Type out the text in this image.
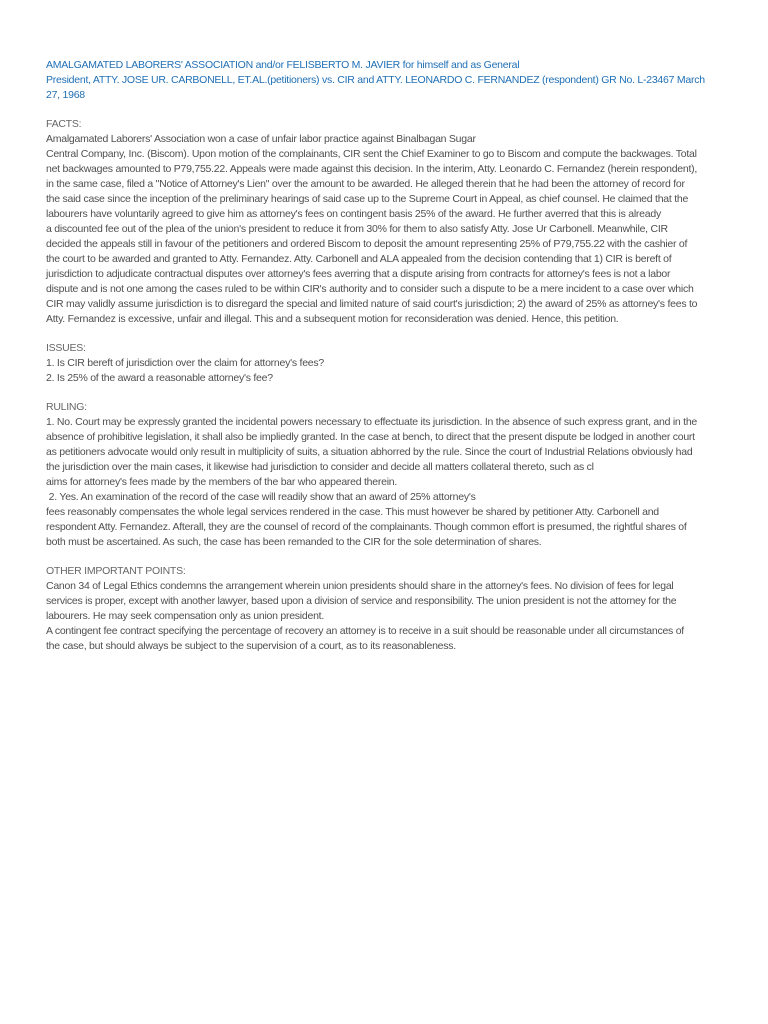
AMALGAMATED LABORERS' ASSOCIATION and/or FELISBERTO M. JAVIER for himself and as General
President, ATTY. JOSE UR. CARBONELL, ET.AL.(petitioners) vs. CIR and ATTY. LEONARDO C. FERNANDEZ (respondent) GR No. L-23467 March
27, 1968

FACTS:

Amalgamated Laborers' Association won a case of unfair labor practice against Binalbagan Sugar
Central Company, Inc. (Biscom). Upon motion of the complainants, CIR sent the Chief Examiner to go to Biscom and compute the backwages. Total
net backwages amounted to P79,755.22. Appeals were made against this decision. In the interim, Atty. Leonardo C. Fernandez (herein respondent),
in the same case, filed a "Notice of Attorney's Lien" over the amount to be awarded. He alleged therein that he had been the attorney of record for
the said case since the inception of the preliminary hearings of said case up to the Supreme Court in Appeal, as chief counsel. He claimed that the
labourers have voluntarily agreed to give him as attorney's fees on contingent basis 25% of the award. He further averred that this is already
a discounted fee out of the plea of the union's president to reduce it from 30% for them to also satisfy Atty. Jose Ur Carbonell. Meanwhile, CIR
decided the appeals still in favour of the petitioners and ordered Biscom to deposit the amount representing 25% of P79,755.22 with the cashier of
the court to be awarded and granted to Atty. Fernandez. Atty. Carbonell and ALA appealed from the decision contending that 1) CIR is bereft of
jurisdiction to adjudicate contractual disputes over attorney's fees averring that a dispute arising from contracts for attorney's fees is not a labor
dispute and is not one among the cases ruled to be within CIR's authority and to consider such a dispute to be a mere incident to a case over which
CIR may validly assume jurisdiction is to disregard the special and limited nature of said court's jurisdiction; 2) the award of 25% as attorney's fees to
Atty. Fernandez is excessive, unfair and illegal. This and a subsequent motion for reconsideration was denied. Hence, this petition.

ISSUES:

1. Is CIR bereft of jurisdiction over the claim for attorney's fees?
2. Is 25% of the award a reasonable attorney's fee?

RULING:

1. No. Court may be expressly granted the incidental powers necessary to effectuate its jurisdiction. In the absence of such express grant, and in the
absence of prohibitive legislation, it shall also be impliedly granted. In the case at bench, to direct that the present dispute be lodged in another court
as petitioners advocate would only result in multiplicity of suits, a situation abhorred by the rule. Since the court of Industrial Relations obviously had
the jurisdiction over the main cases, it likewise had jurisdiction to consider and decide all matters collateral thereto, such as cl
aims for attorney's fees made by the members of the bar who appeared therein.
2. Yes. An examination of the record of the case will readily show that an award of 25% attorney's
fees reasonably compensates the whole legal services rendered in the case. This must however be shared by petitioner Atty. Carbonell and
respondent Atty. Fernandez. Afterall, they are the counsel of record of the complainants. Though common effort is presumed, the rightful shares of
both must be ascertained. As such, the case has been remanded to the CIR for the sole determination of shares.

OTHER IMPORTANT POINTS:

Canon 34 of Legal Ethics condemns the arrangement wherein union presidents should share in the attorney's fees. No division of fees for legal
services is proper, except with another lawyer, based upon a division of service and responsibility. The union president is not the attorney for the
labourers. He may seek compensation only as union president.
A contingent fee contract specifying the percentage of recovery an attorney is to receive in a suit should be reasonable under all circumstances of
the case, but should always be subject to the supervision of a court, as to its reasonableness.
